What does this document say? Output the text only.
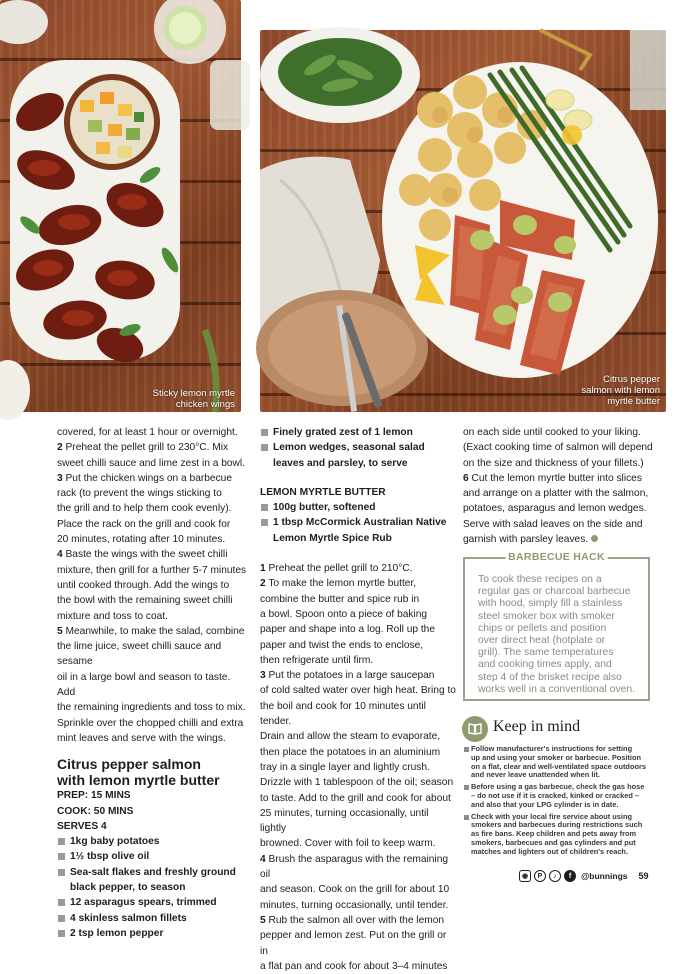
Sticky lemon myrtle
chicken wings
Citrus pepper
salmon with lemon
myrtle butter

covered, for at least 1 hour or overnight.

2 Preheat the pellet grill to 230°C. Mix

sweet chilli sauce and lime zest in a bowl.

3 Put the chicken wings on a barbecue

rack (to prevent the wings sticking to

the grill and to help them cook evenly).

Place the rack on the grill and cook for

20 minutes, rotating after 10 minutes.

4 Baste the wings with the sweet chilli

mixture, then grill for a further 5-7 minutes

until cooked through. Add the wings to

the bowl with the remaining sweet chilli

mixture and toss to coat.

5 Meanwhile, to make the salad, combine

the lime juice, sweet chilli sauce and sesame

oil in a large bowl and season to taste. Add

the remaining ingredients and toss to mix.

Sprinkle over the chopped chilli and extra

mint leaves and serve with the wings.

Citrus pepper salmon
with lemon myrtle butter

PREP: 15 MINS

COOK: 50 MINS

SERVES 4

1kg baby potatoes

1½ tbsp olive oil

Sea-salt flakes and freshly ground

black pepper, to season

12 asparagus spears, trimmed

4 skinless salmon fillets

2 tsp lemon pepper

Finely grated zest of 1 lemon

Lemon wedges, seasonal salad

leaves and parsley, to serve

LEMON MYRTLE BUTTER

100g butter, softened

1 tbsp McCormick Australian Native

Lemon Myrtle Spice Rub

1 Preheat the pellet grill to 210°C.

2 To make the lemon myrtle butter,

combine the butter and spice rub in

a bowl. Spoon onto a piece of baking

paper and shape into a log. Roll up the

paper and twist the ends to enclose,

then refrigerate until firm.

3 Put the potatoes in a large saucepan

of cold salted water over high heat. Bring to

the boil and cook for 10 minutes until tender.

Drain and allow the steam to evaporate,

then place the potatoes in an aluminium

tray in a single layer and lightly crush.

Drizzle with 1 tablespoon of the oil; season

to taste. Add to the grill and cook for about

25 minutes, turning occasionally, until lightly

browned. Cover with foil to keep warm.

4 Brush the asparagus with the remaining oil

and season. Cook on the grill for about 10

minutes, turning occasionally, until tender.

5 Rub the salmon all over with the lemon

pepper and lemon zest. Put on the grill or in

a flat pan and cook for about 3–4 minutes

on each side until cooked to your liking.

(Exact cooking time of salmon will depend

on the size and thickness of your fillets.)

6 Cut the lemon myrtle butter into slices

and arrange on a platter with the salmon,

potatoes, asparagus and lemon wedges.

Serve with salad leaves on the side and

garnish with parsley leaves.

BARBECUE HACK
To cook these recipes on a
regular gas or charcoal barbecue
with hood, simply fill a stainless
steel smoker box with smoker
chips or pellets and position
over direct heat (hotplate or
grill). The same temperatures
and cooking times apply, and
step 4 of the brisket recipe also
works well in a conventional oven.
Keep in mind
Follow manufacturer's instructions for setting
up and using your smoker or barbecue. Position
on a flat, clear and well-ventilated space outdoors
and never leave unattended when lit.
Before using a gas barbecue, check the gas hose
– do not use if it is cracked, kinked or cracked –
and also that your LPG cylinder is in date.
Check with your local fire service about using
smokers and barbecues during restrictions such
as fire bans. Keep children and pets away from
smokers, barbecues and gas cylinders and put
matches and lighters out of children's reach.
◉	P	♪	f	@bunnings 59
